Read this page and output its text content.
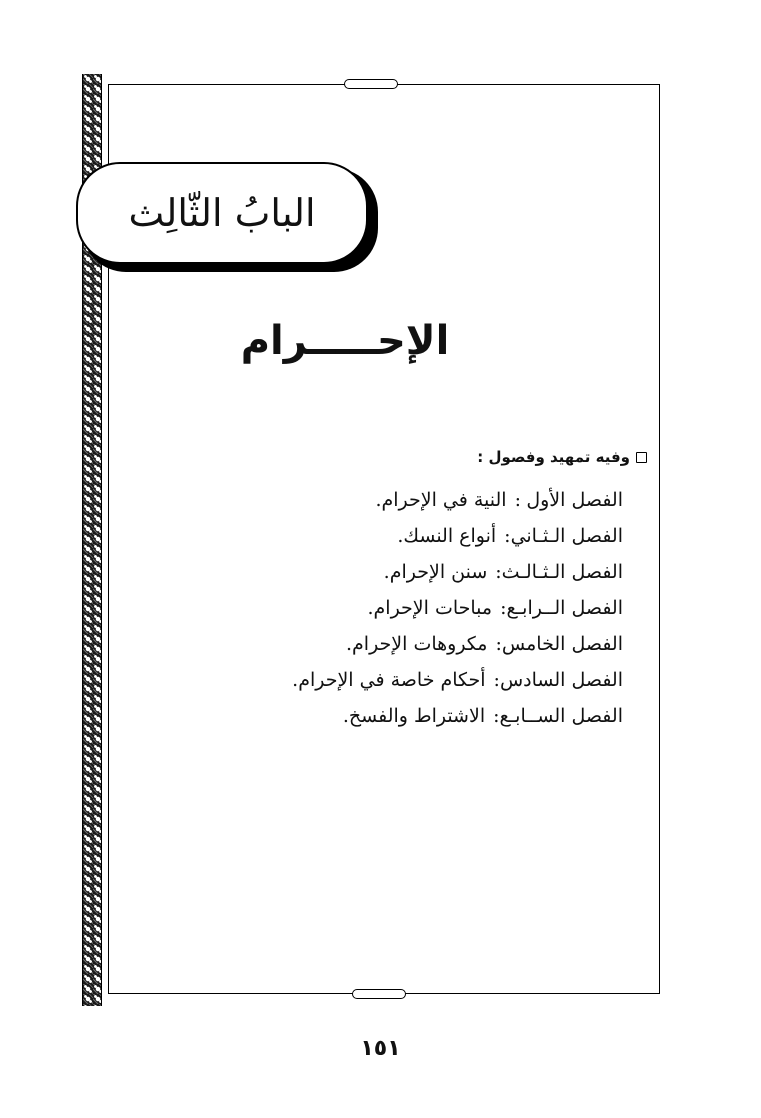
البابُ الثّالِث
الإحـــــرام
وفيه تمهيد وفصول :
الفصل الأول:النية في الإحرام.
الفصل الـثـاني:أنواع النسك.
الفصل الـثـالـث:سنن الإحرام.
الفصل الــرابـع:مباحات الإحرام.
الفصل الخامس:مكروهات الإحرام.
الفصل السادس:أحكام خاصة في الإحرام.
الفصل الســابـع:الاشتراط والفسخ.
١٥١
